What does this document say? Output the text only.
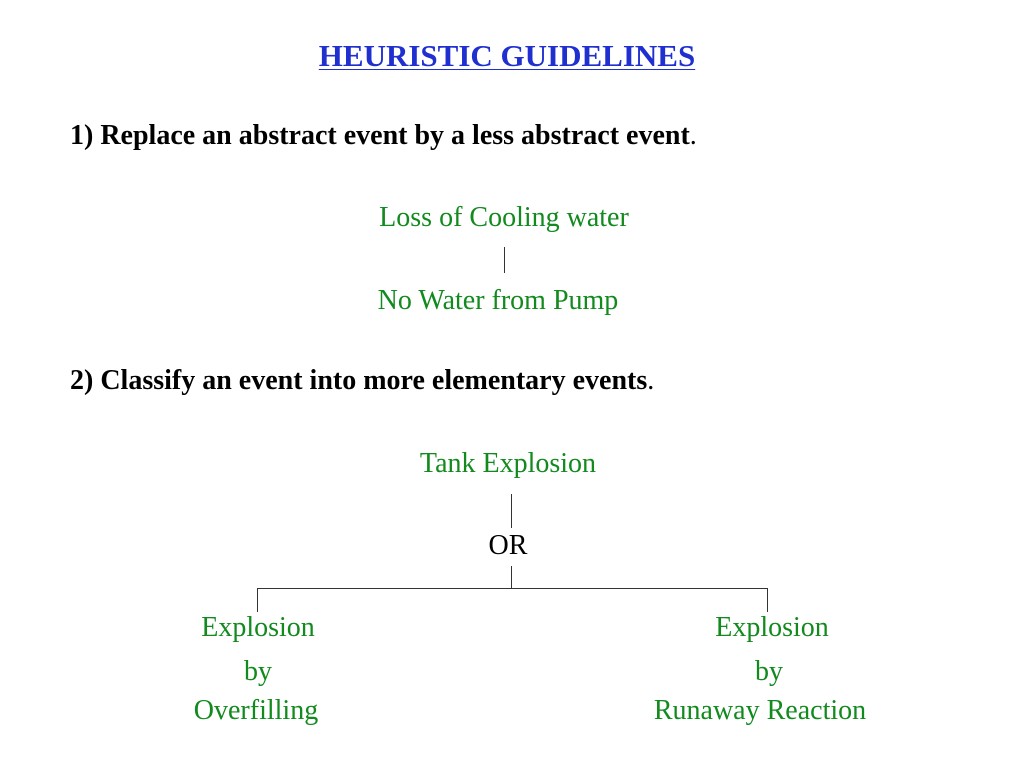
HEURISTIC GUIDELINES
1) Replace an abstract event by a less abstract event.
Loss of Cooling water
No Water from Pump
2) Classify an event into more elementary events.
Tank Explosion
OR
Explosion
by
Overfilling
Explosion
by
Runaway Reaction
